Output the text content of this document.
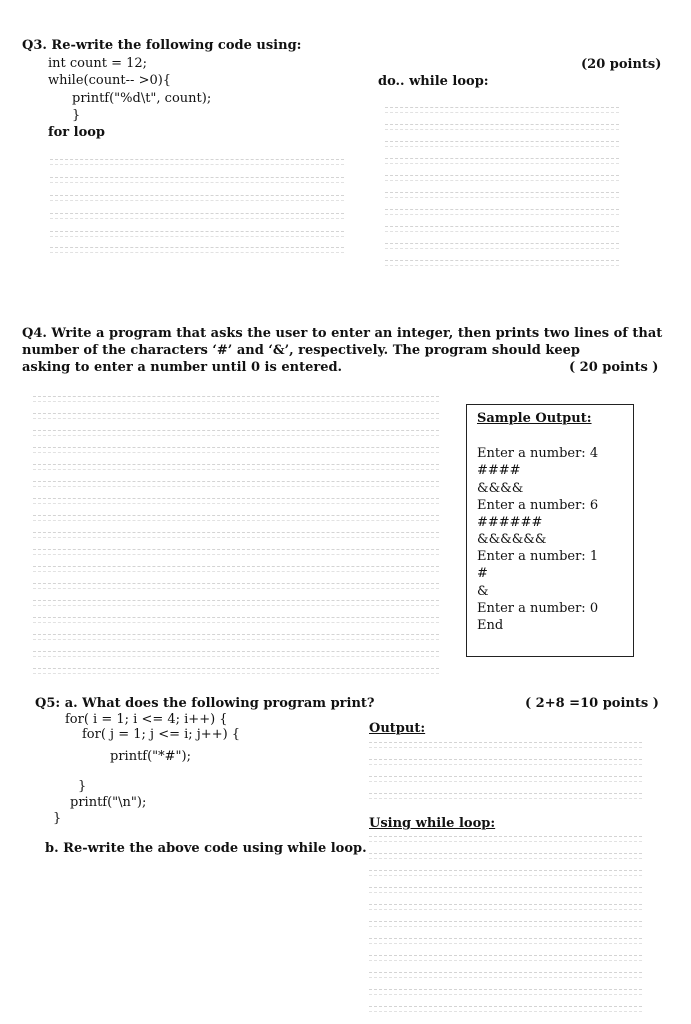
Q3. Re-write the following code using:
int count = 12;
while(count-- >0){
printf("%d\t", count);
}
for loop
do.. while loop:
(20 points)
Q4. Write a program that asks the user to enter an integer, then prints two lines of that
number of the characters ‘#’ and ‘&’, respectively. The program should keep
asking to enter a number until 0 is entered.	( 20 points )
Sample Output:
Enter a number: 4
####
&&&&
Enter a number: 6
######
&&&&&&
Enter a number: 1
#
&
Enter a number: 0
End
Q5: a. What does the following program print?	( 2+8 =10 points )
for( i = 1; i <= 4; i++) {
for( j = 1; j <= i; j++) {
printf("*#");
}
printf("\n");
}
b. Re-write the above code using while loop.
Output:
Using while loop:
